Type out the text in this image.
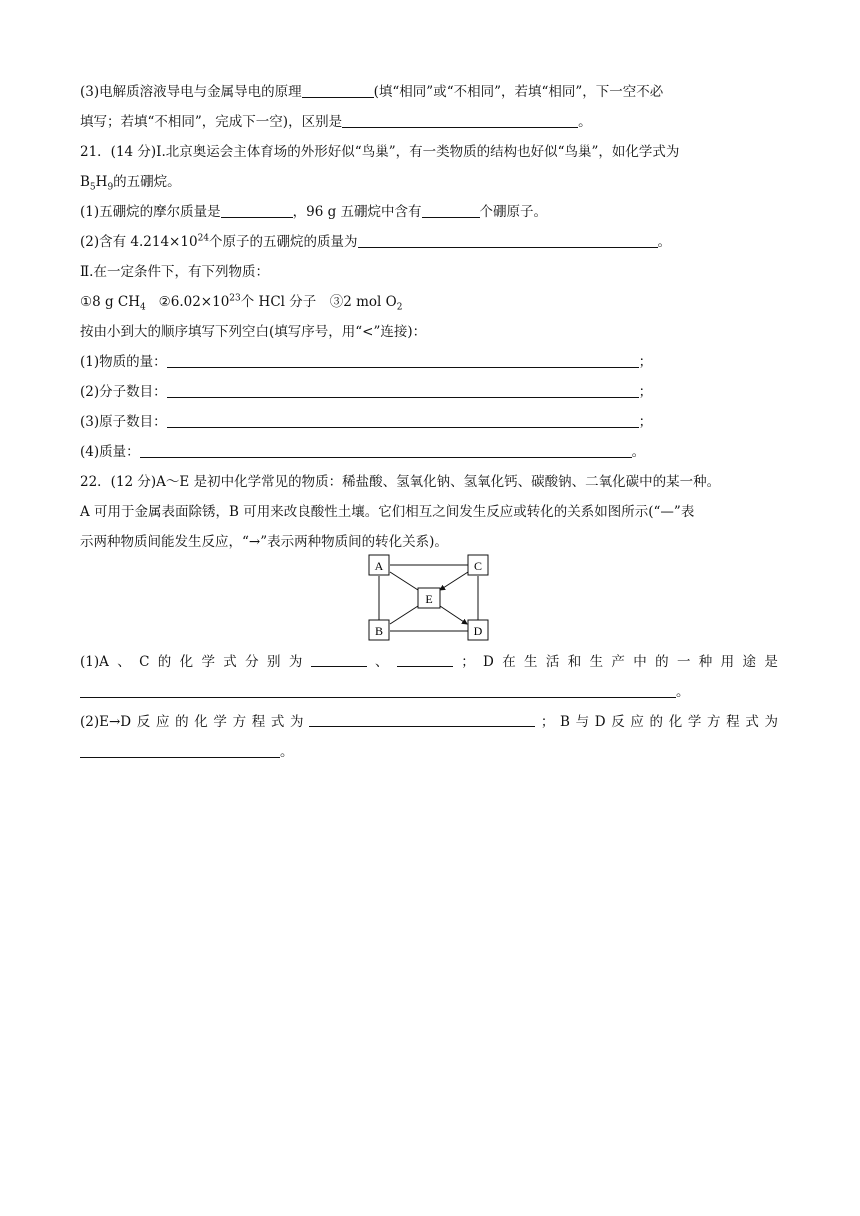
(3)电解质溶液导电与金属导电的原理	(填“相同”或“不相同”，若填“相同”，下一空不必
填写；若填“不相同”，完成下一空)，区别是	。
21．(14 分)Ⅰ.北京奥运会主体育场的外形好似“鸟巢”，有一类物质的结构也好似“鸟巢”，如化学式为
$B_5H_9$的五硼烷。
(1)五硼烷的摩尔质量是	，96 g 五硼烷中含有	个硼原子。
(2)含有 $4.214\times 10^{24}$个原子的五硼烷的质量为	。
Ⅱ.在一定条件下，有下列物质：
①8 g $CH_4$ $②6.02\times 10^{23}$个 HCl 分子　③2 mol $O_2$
按由小到大的顺序填写下列空白(填写序号，用“<”连接)：
(1)物质的量：	；
(2)分子数目：	；
(3)原子数目：	；
(4)质量：	。
22．(12 分)A～E 是初中化学常见的物质：稀盐酸、氢氧化钠、氢氧化钙、碳酸钠、二氧化碳中的某一种。
A 可用于金属表面除锈，B 可用来改良酸性土壤。它们相互之间发生反应或转化的关系如图所示(“—”表
示两种物质间能发生反应，“→”表示两种物质间的转化关系)。
A	C
E
B	D
(1)A 、 C 的 化 学 式 分 别 为	、	； D 在 生 活 和 生 产 中 的 一 种 用 途 是
。
(2)E→D 反 应 的 化 学 方 程 式 为	； B 与 D 反 应 的 化 学 方 程 式 为
。
